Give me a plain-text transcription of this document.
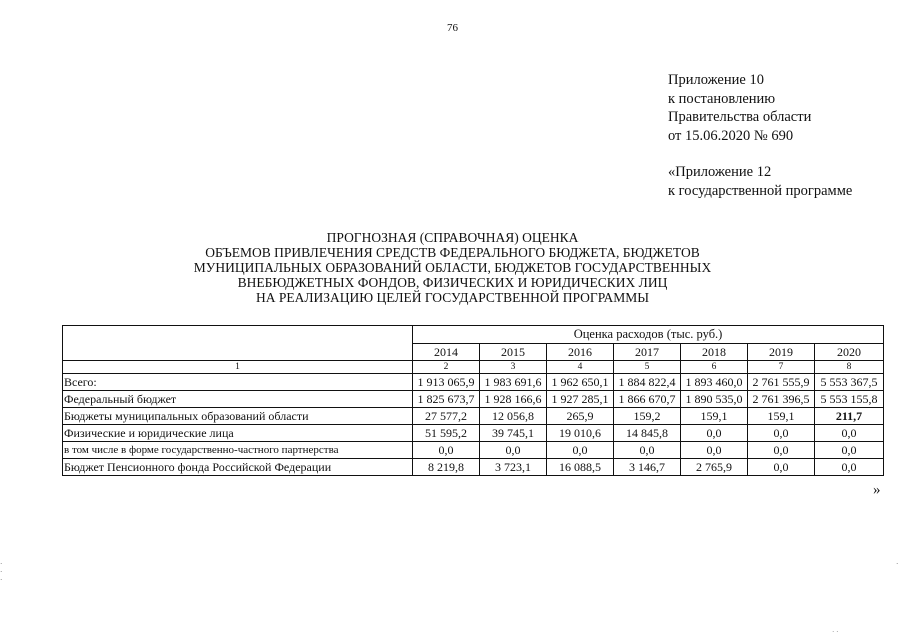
76
Приложение 10
к постановлению
Правительства области
от 15.06.2020 № 690
«Приложение 12
к государственной программе
ПРОГНОЗНАЯ (СПРАВОЧНАЯ) ОЦЕНКА
ОБЪЕМОВ ПРИВЛЕЧЕНИЯ СРЕДСТВ ФЕДЕРАЛЬНОГО БЮДЖЕТА, БЮДЖЕТОВ
МУНИЦИПАЛЬНЫХ ОБРАЗОВАНИЙ ОБЛАСТИ, БЮДЖЕТОВ ГОСУДАРСТВЕННЫХ
ВНЕБЮДЖЕТНЫХ ФОНДОВ, ФИЗИЧЕСКИХ И ЮРИДИЧЕСКИХ ЛИЦ
НА РЕАЛИЗАЦИЮ ЦЕЛЕЙ ГОСУДАРСТВЕННОЙ ПРОГРАММЫ
	Оценка расходов (тыс. руб.)						
	2014	2015	2016	2017	2018	2019	2020
1	2	3	4	5	6	7	8
Всего:	1 913 065,9	1 983 691,6	1 962 650,1	1 884 822,4	1 893 460,0	2 761 555,9	5 553 367,5
Федеральный бюджет	1 825 673,7	1 928 166,6	1 927 285,1	1 866 670,7	1 890 535,0	2 761 396,5	5 553 155,8
Бюджеты муниципальных образований области	27 577,2	12 056,8	265,9	159,2	159,1	159,1	211,7
Физические и юридические лица	51 595,2	39 745,1	19 010,6	14 845,8	0,0	0,0	0,0
в том числе в форме государственно-частного партнерства	0,0	0,0	0,0	0,0	0,0	0,0	0,0
Бюджет Пенсионного фонда Российской Федерации	8 219,8	3 723,1	16 088,5	3 146,7	2 765,9	0,0	0,0
»
·
·
·
·
· ·
